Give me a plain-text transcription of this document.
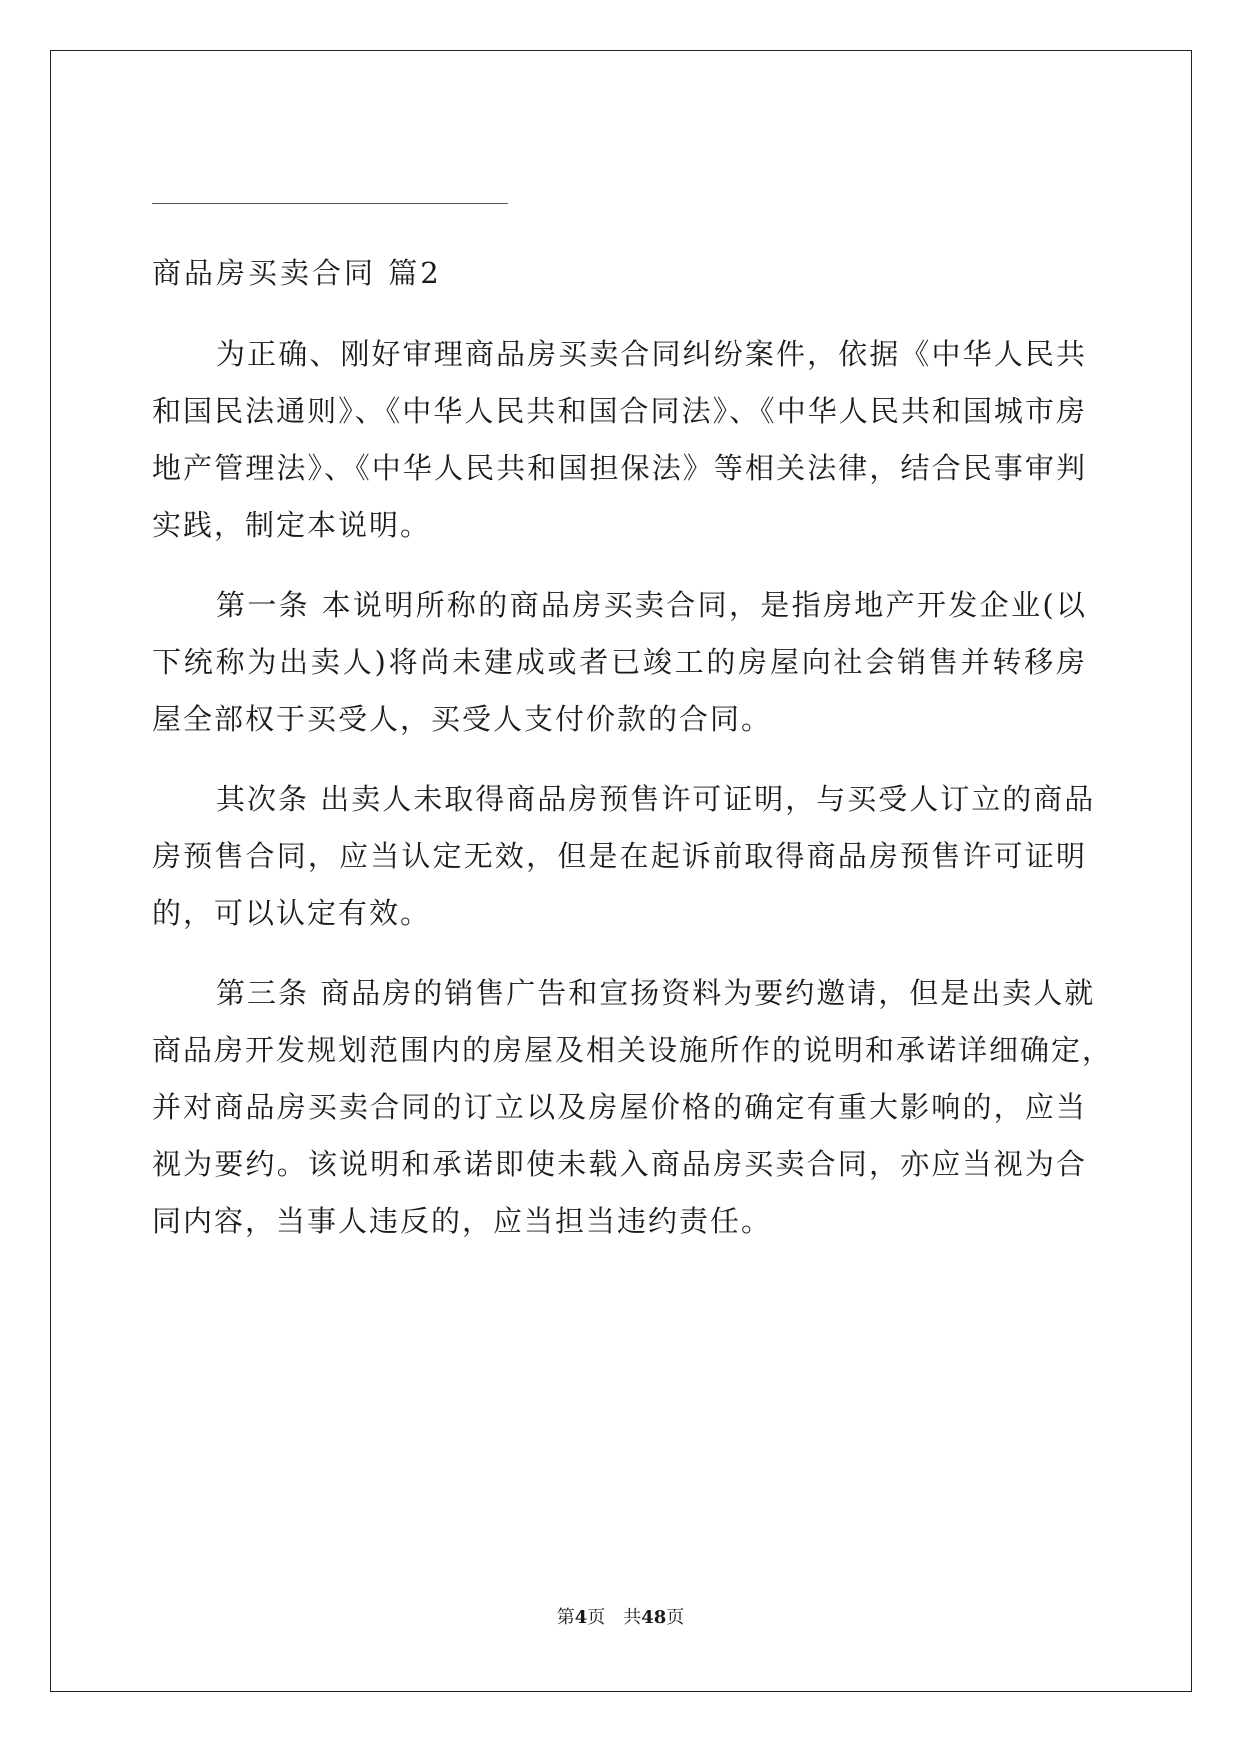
商品房买卖合同 篇2

为正确、刚好审理商品房买卖合同纠纷案件，依据《中华人民共
和国民法通则》、《中华人民共和国合同法》、《中华人民共和国城市房
地产管理法》、《中华人民共和国担保法》等相关法律，结合民事审判
实践，制定本说明。

第一条 本说明所称的商品房买卖合同，是指房地产开发企业(以
下统称为出卖人)将尚未建成或者已竣工的房屋向社会销售并转移房
屋全部权于买受人，买受人支付价款的合同。

其次条 出卖人未取得商品房预售许可证明，与买受人订立的商品
房预售合同，应当认定无效，但是在起诉前取得商品房预售许可证明
的，可以认定有效。

第三条 商品房的销售广告和宣扬资料为要约邀请，但是出卖人就
商品房开发规划范围内的房屋及相关设施所作的说明和承诺详细确定，
并对商品房买卖合同的订立以及房屋价格的确定有重大影响的，应当
视为要约。该说明和承诺即使未载入商品房买卖合同，亦应当视为合
同内容，当事人违反的，应当担当违约责任。

第4页　共48页
